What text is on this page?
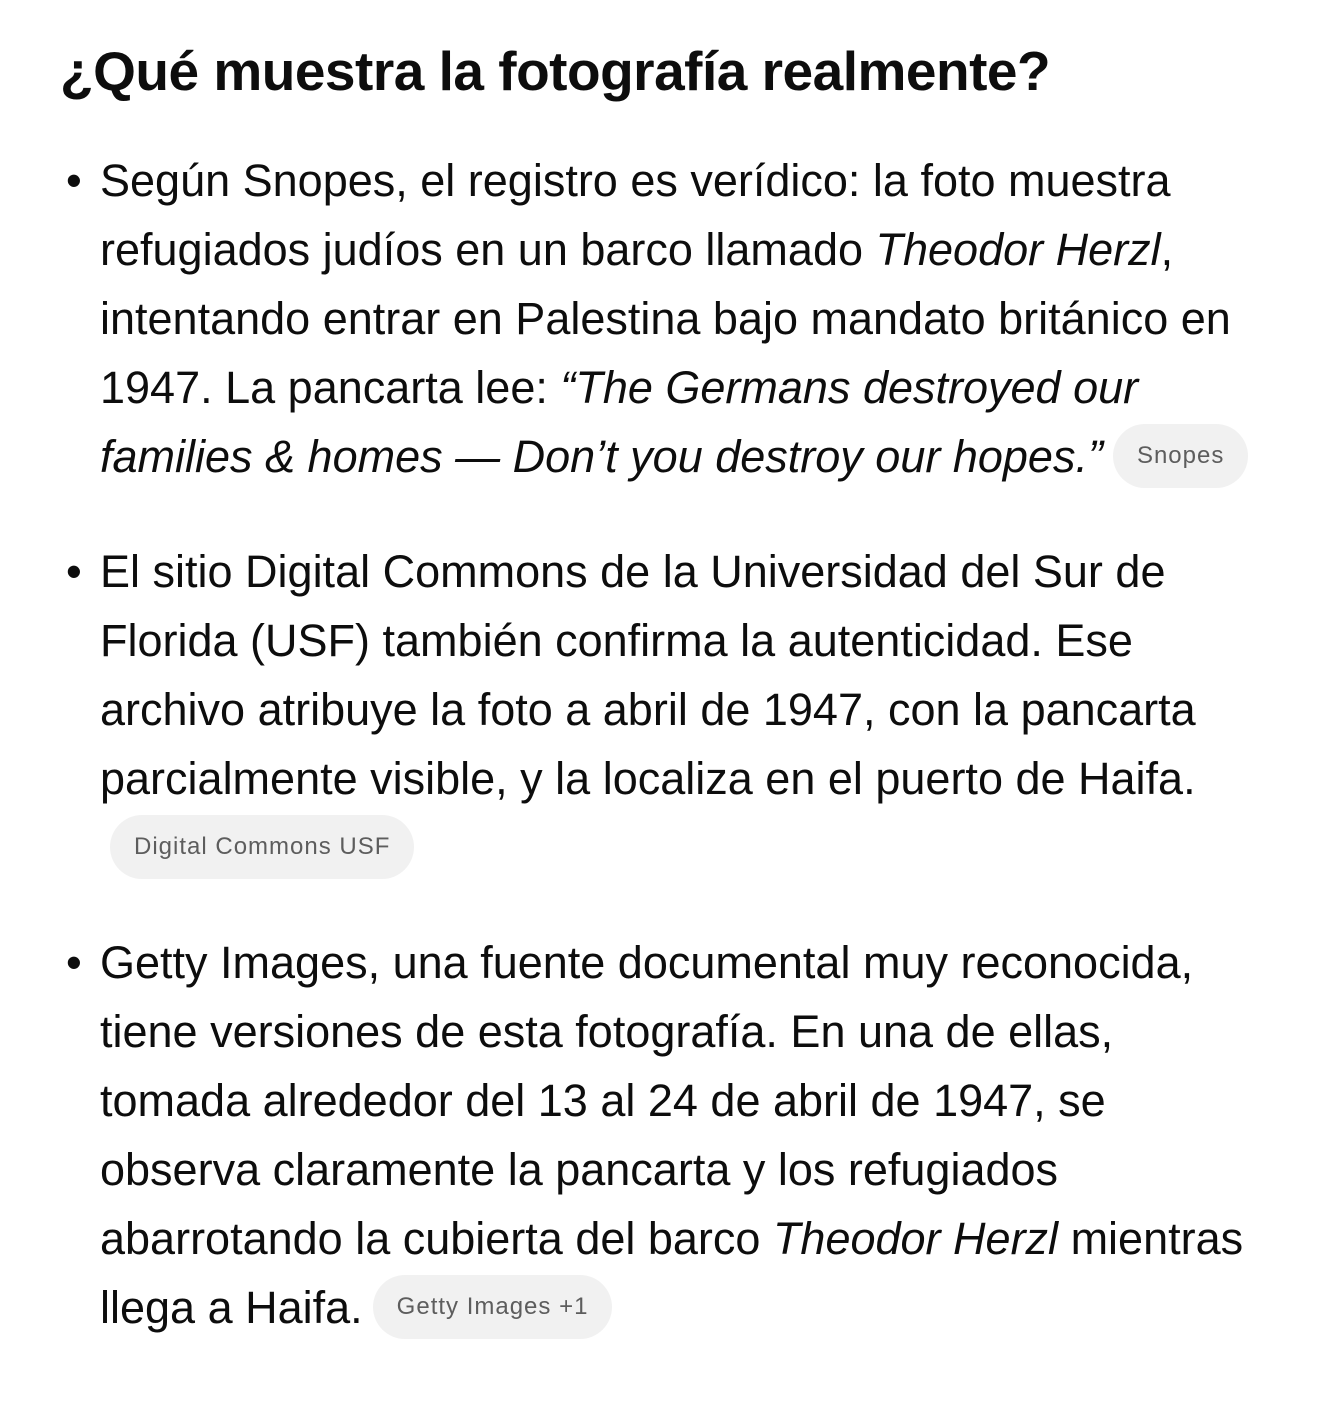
¿Qué muestra la fotografía realmente?
• Según Snopes, el registro es verídico: la foto muestra refugiados judíos en un barco llamado Theodor Herzl, intentando entrar en Palestina bajo mandato británico en 1947. La pancarta lee: “The Germans destroyed our families & homes — Don’t you destroy our hopes.” Snopes
• El sitio Digital Commons de la Universidad del Sur de Florida (USF) también confirma la autenticidad. Ese archivo atribuye la foto a abril de 1947, con la pancarta parcialmente visible, y la localiza en el puerto de Haifa.Digital Commons USF
• Getty Images, una fuente documental muy reconocida, tiene versiones de esta fotografía. En una de ellas, tomada alrededor del 13 al 24 de abril de 1947, se observa claramente la pancarta y los refugiados abarrotando la cubierta del barco Theodor Herzl mientras llega a Haifa. Getty Images +1
